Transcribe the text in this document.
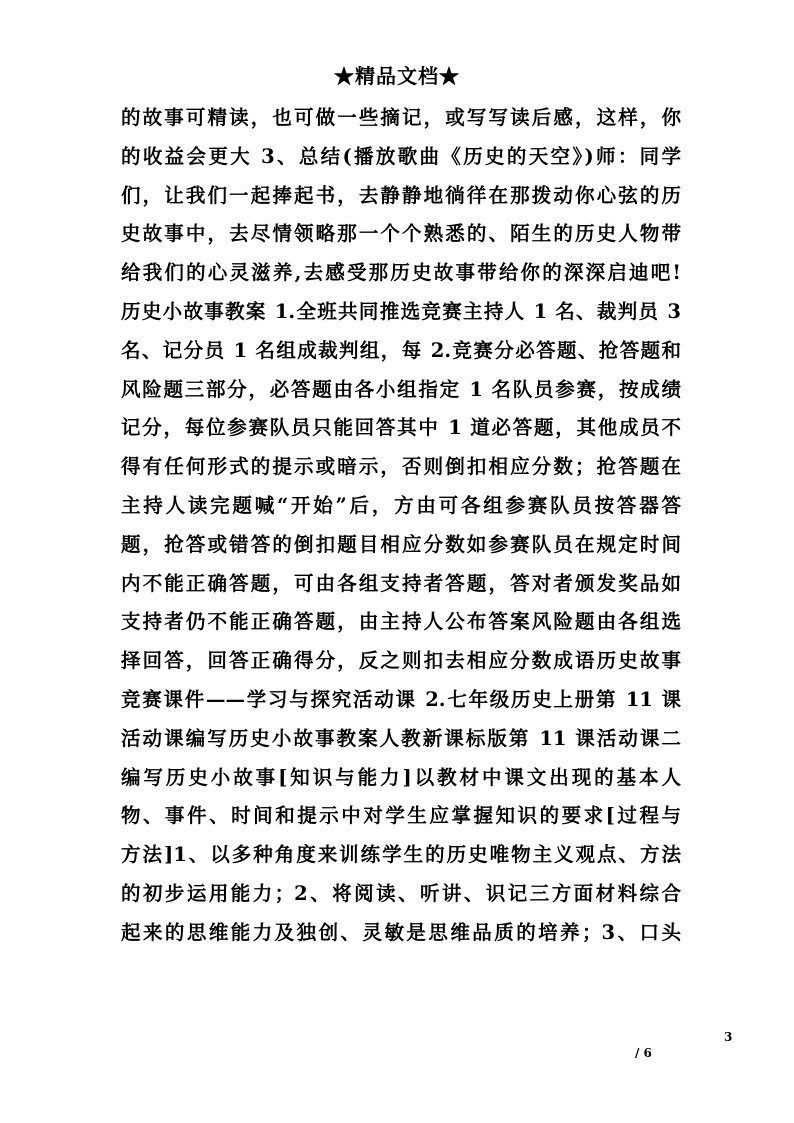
★精品文档★
的故事可精读，也可做一些摘记，或写写读后感，这样，你
的收益会更大 3、总结(播放歌曲《历史的天空》)师：同学
们，让我们一起捧起书，去静静地徜徉在那拨动你心弦的历
史故事中，去尽情领略那一个个熟悉的、陌生的历史人物带
给我们的心灵滋养,去感受那历史故事带给你的深深启迪吧!
历史小故事教案 1.全班共同推选竞赛主持人 1 名、裁判员 3
名、记分员 1 名组成裁判组，每 2.竞赛分必答题、抢答题和
风险题三部分，必答题由各小组指定 1 名队员参赛，按成绩
记分，每位参赛队员只能回答其中 1 道必答题，其他成员不
得有任何形式的提示或暗示，否则倒扣相应分数；抢答题在
主持人读完题喊“开始”后，方由可各组参赛队员按答器答
题，抢答或错答的倒扣题目相应分数如参赛队员在规定时间
内不能正确答题，可由各组支持者答题，答对者颁发奖品如
支持者仍不能正确答题，由主持人公布答案风险题由各组选
择回答，回答正确得分，反之则扣去相应分数成语历史故事
竞赛课件——学习与探究活动课 2.七年级历史上册第 11 课
活动课编写历史小故事教案人教新课标版第 11 课活动课二
编写历史小故事[知识与能力]以教材中课文出现的基本人
物、事件、时间和提示中对学生应掌握知识的要求[过程与
方法]1、以多种角度来训练学生的历史唯物主义观点、方法
的初步运用能力；2、将阅读、听讲、识记三方面材料综合
起来的思维能力及独创、灵敏是思维品质的培养；3、口头
3
/ 6
